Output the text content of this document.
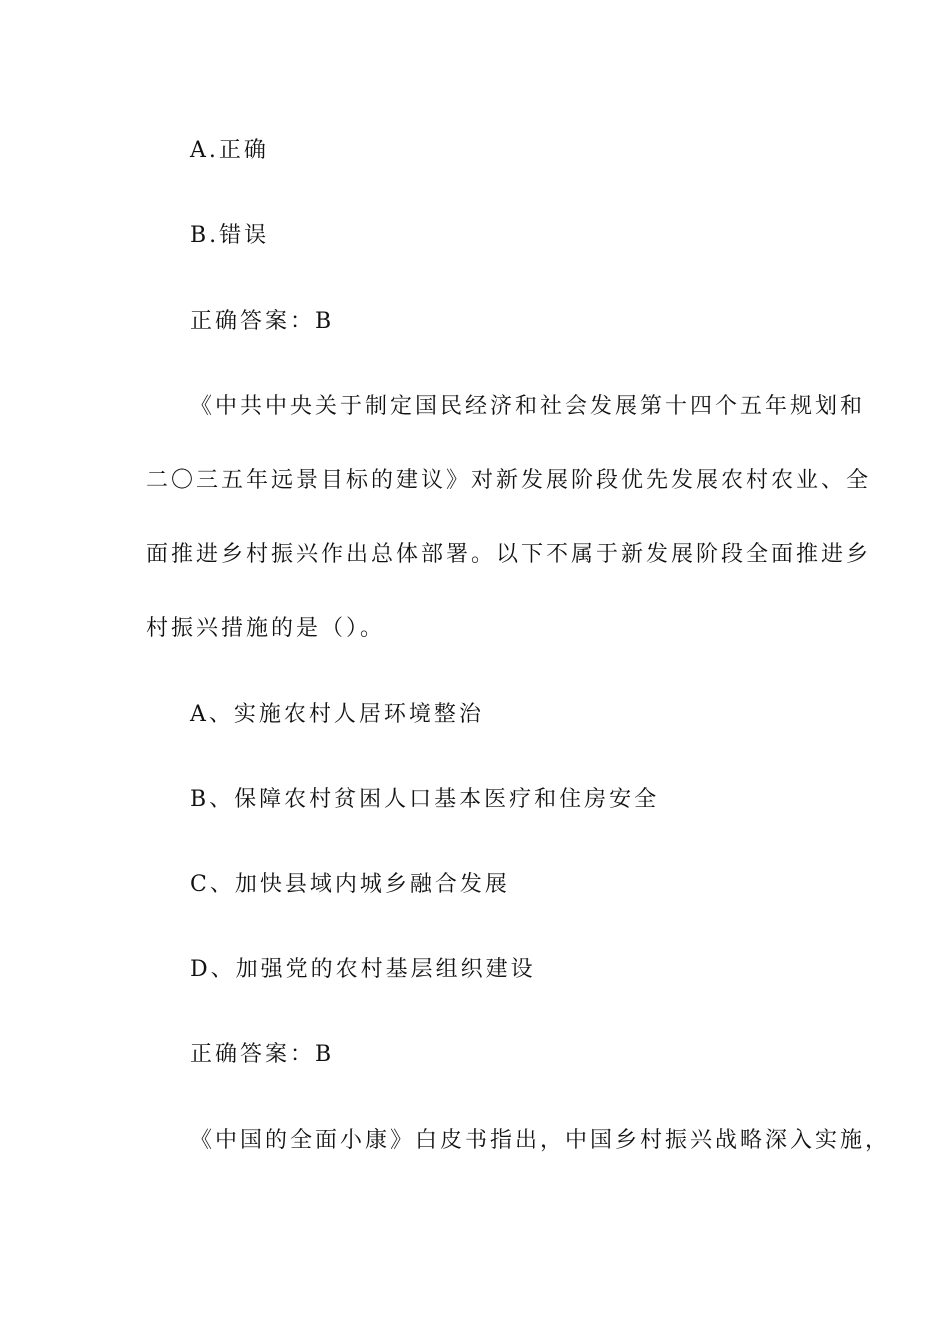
A.正确
B.错误
正确答案：B
《中共中央关于制定国民经济和社会发展第十四个五年规划和
二〇三五年远景目标的建议》对新发展阶段优先发展农村农业、全
面推进乡村振兴作出总体部署。以下不属于新发展阶段全面推进乡
村振兴措施的是（）。
A、实施农村人居环境整治
B、保障农村贫困人口基本医疗和住房安全
C、加快县域内城乡融合发展
D、加强党的农村基层组织建设
正确答案：B
《中国的全面小康》白皮书指出，中国乡村振兴战略深入实施，
